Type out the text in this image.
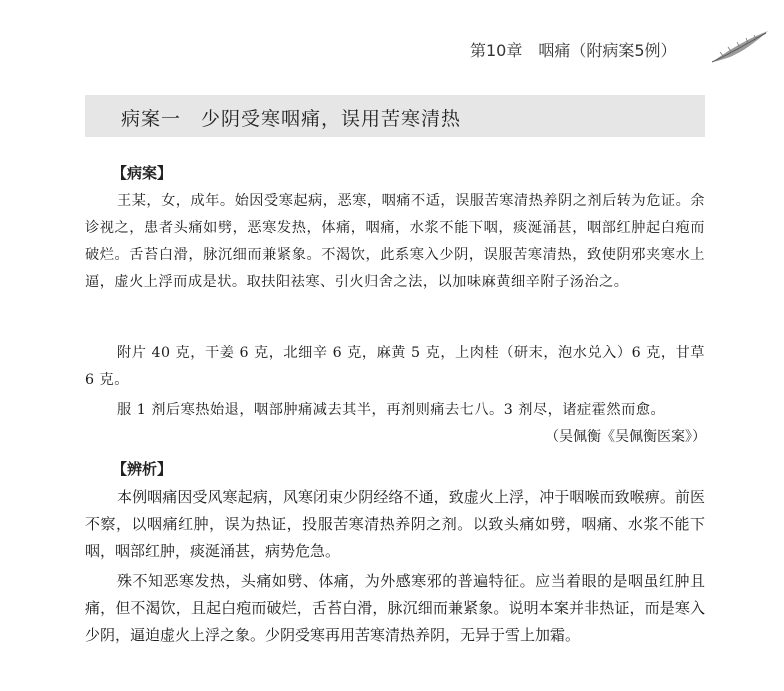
第10章　咽痛（附病案5例）
病案一　少阴受寒咽痛，误用苦寒清热
【病案】
王某，女，成年。始因受寒起病，恶寒，咽痛不适，误服苦寒清热养阴之剂后转为危证。余诊视之，患者头痛如劈，恶寒发热，体痛，咽痛，水浆不能下咽，痰涎涌甚，咽部红肿起白疱而破烂。舌苔白滑，脉沉细而兼紧象。不渴饮，此系寒入少阴，误服苦寒清热，致使阴邪夹寒水上逼，虚火上浮而成是状。取扶阳祛寒、引火归舍之法，以加味麻黄细辛附子汤治之。
附片 40 克，干姜 6 克，北细辛 6 克，麻黄 5 克，上肉桂（研末，泡水兑入）6 克，甘草 6 克。
服 1 剂后寒热始退，咽部肿痛减去其半，再剂则痛去七八。3 剂尽，诸症霍然而愈。
（吴佩衡《吴佩衡医案》）
【辨析】
本例咽痛因受风寒起病，风寒闭束少阴经络不通，致虚火上浮，冲于咽喉而致喉痹。前医不察，以咽痛红肿，误为热证，投服苦寒清热养阴之剂。以致头痛如劈，咽痛、水浆不能下咽，咽部红肿，痰涎涌甚，病势危急。
殊不知恶寒发热，头痛如劈、体痛，为外感寒邪的普遍特征。应当着眼的是咽虽红肿且痛，但不渴饮，且起白疱而破烂，舌苔白滑，脉沉细而兼紧象。说明本案并非热证，而是寒入少阴，逼迫虚火上浮之象。少阴受寒再用苦寒清热养阴，无异于雪上加霜。
